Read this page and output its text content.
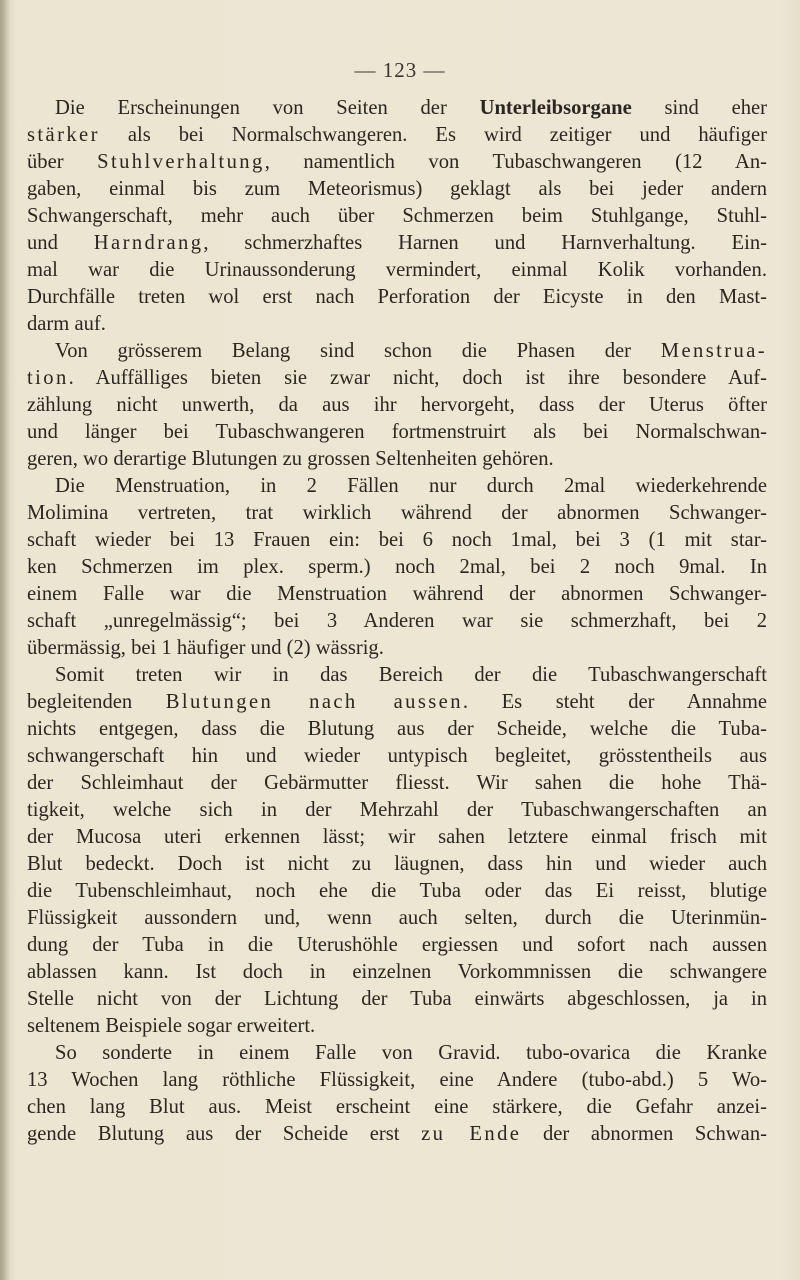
— 123 —
Die Erscheinungen von Seiten der Unterleibsorgane sind eher
stärker als bei Normalschwangeren. Es wird zeitiger und häufiger
über Stuhlverhaltung, namentlich von Tubaschwangeren (12 An-
gaben, einmal bis zum Meteorismus) geklagt als bei jeder andern
Schwangerschaft, mehr auch über Schmerzen beim Stuhlgange, Stuhl-
und Harndrang, schmerzhaftes Harnen und Harnverhaltung. Ein-
mal war die Urinaussonderung vermindert, einmal Kolik vorhanden.
Durchfälle treten wol erst nach Perforation der Eicyste in den Mast-
darm auf.
Von grösserem Belang sind schon die Phasen der Menstrua-
tion. Auffälliges bieten sie zwar nicht, doch ist ihre besondere Auf-
zählung nicht unwerth, da aus ihr hervorgeht, dass der Uterus öfter
und länger bei Tubaschwangeren fortmenstruirt als bei Normalschwan-
geren, wo derartige Blutungen zu grossen Seltenheiten gehören.
Die Menstruation, in 2 Fällen nur durch 2mal wiederkehrende
Molimina vertreten, trat wirklich während der abnormen Schwanger-
schaft wieder bei 13 Frauen ein: bei 6 noch 1mal, bei 3 (1 mit star-
ken Schmerzen im plex. sperm.) noch 2mal, bei 2 noch 9mal. In
einem Falle war die Menstruation während der abnormen Schwanger-
schaft „unregelmässig“; bei 3 Anderen war sie schmerzhaft, bei 2
übermässig, bei 1 häufiger und (2) wässrig.
Somit treten wir in das Bereich der die Tubaschwangerschaft
begleitenden Blutungen nach aussen. Es steht der Annahme
nichts entgegen, dass die Blutung aus der Scheide, welche die Tuba-
schwangerschaft hin und wieder untypisch begleitet, grösstentheils aus
der Schleimhaut der Gebärmutter fliesst. Wir sahen die hohe Thä-
tigkeit, welche sich in der Mehrzahl der Tubaschwangerschaften an
der Mucosa uteri erkennen lässt; wir sahen letztere einmal frisch mit
Blut bedeckt. Doch ist nicht zu läugnen, dass hin und wieder auch
die Tubenschleimhaut, noch ehe die Tuba oder das Ei reisst, blutige
Flüssigkeit aussondern und, wenn auch selten, durch die Uterinmün-
dung der Tuba in die Uterushöhle ergiessen und sofort nach aussen
ablassen kann. Ist doch in einzelnen Vorkommnissen die schwangere
Stelle nicht von der Lichtung der Tuba einwärts abgeschlossen, ja in
seltenem Beispiele sogar erweitert.
So sonderte in einem Falle von Gravid. tubo-ovarica die Kranke
13 Wochen lang röthliche Flüssigkeit, eine Andere (tubo-abd.) 5 Wo-
chen lang Blut aus. Meist erscheint eine stärkere, die Gefahr anzei-
gende Blutung aus der Scheide erst zu Ende der abnormen Schwan-
